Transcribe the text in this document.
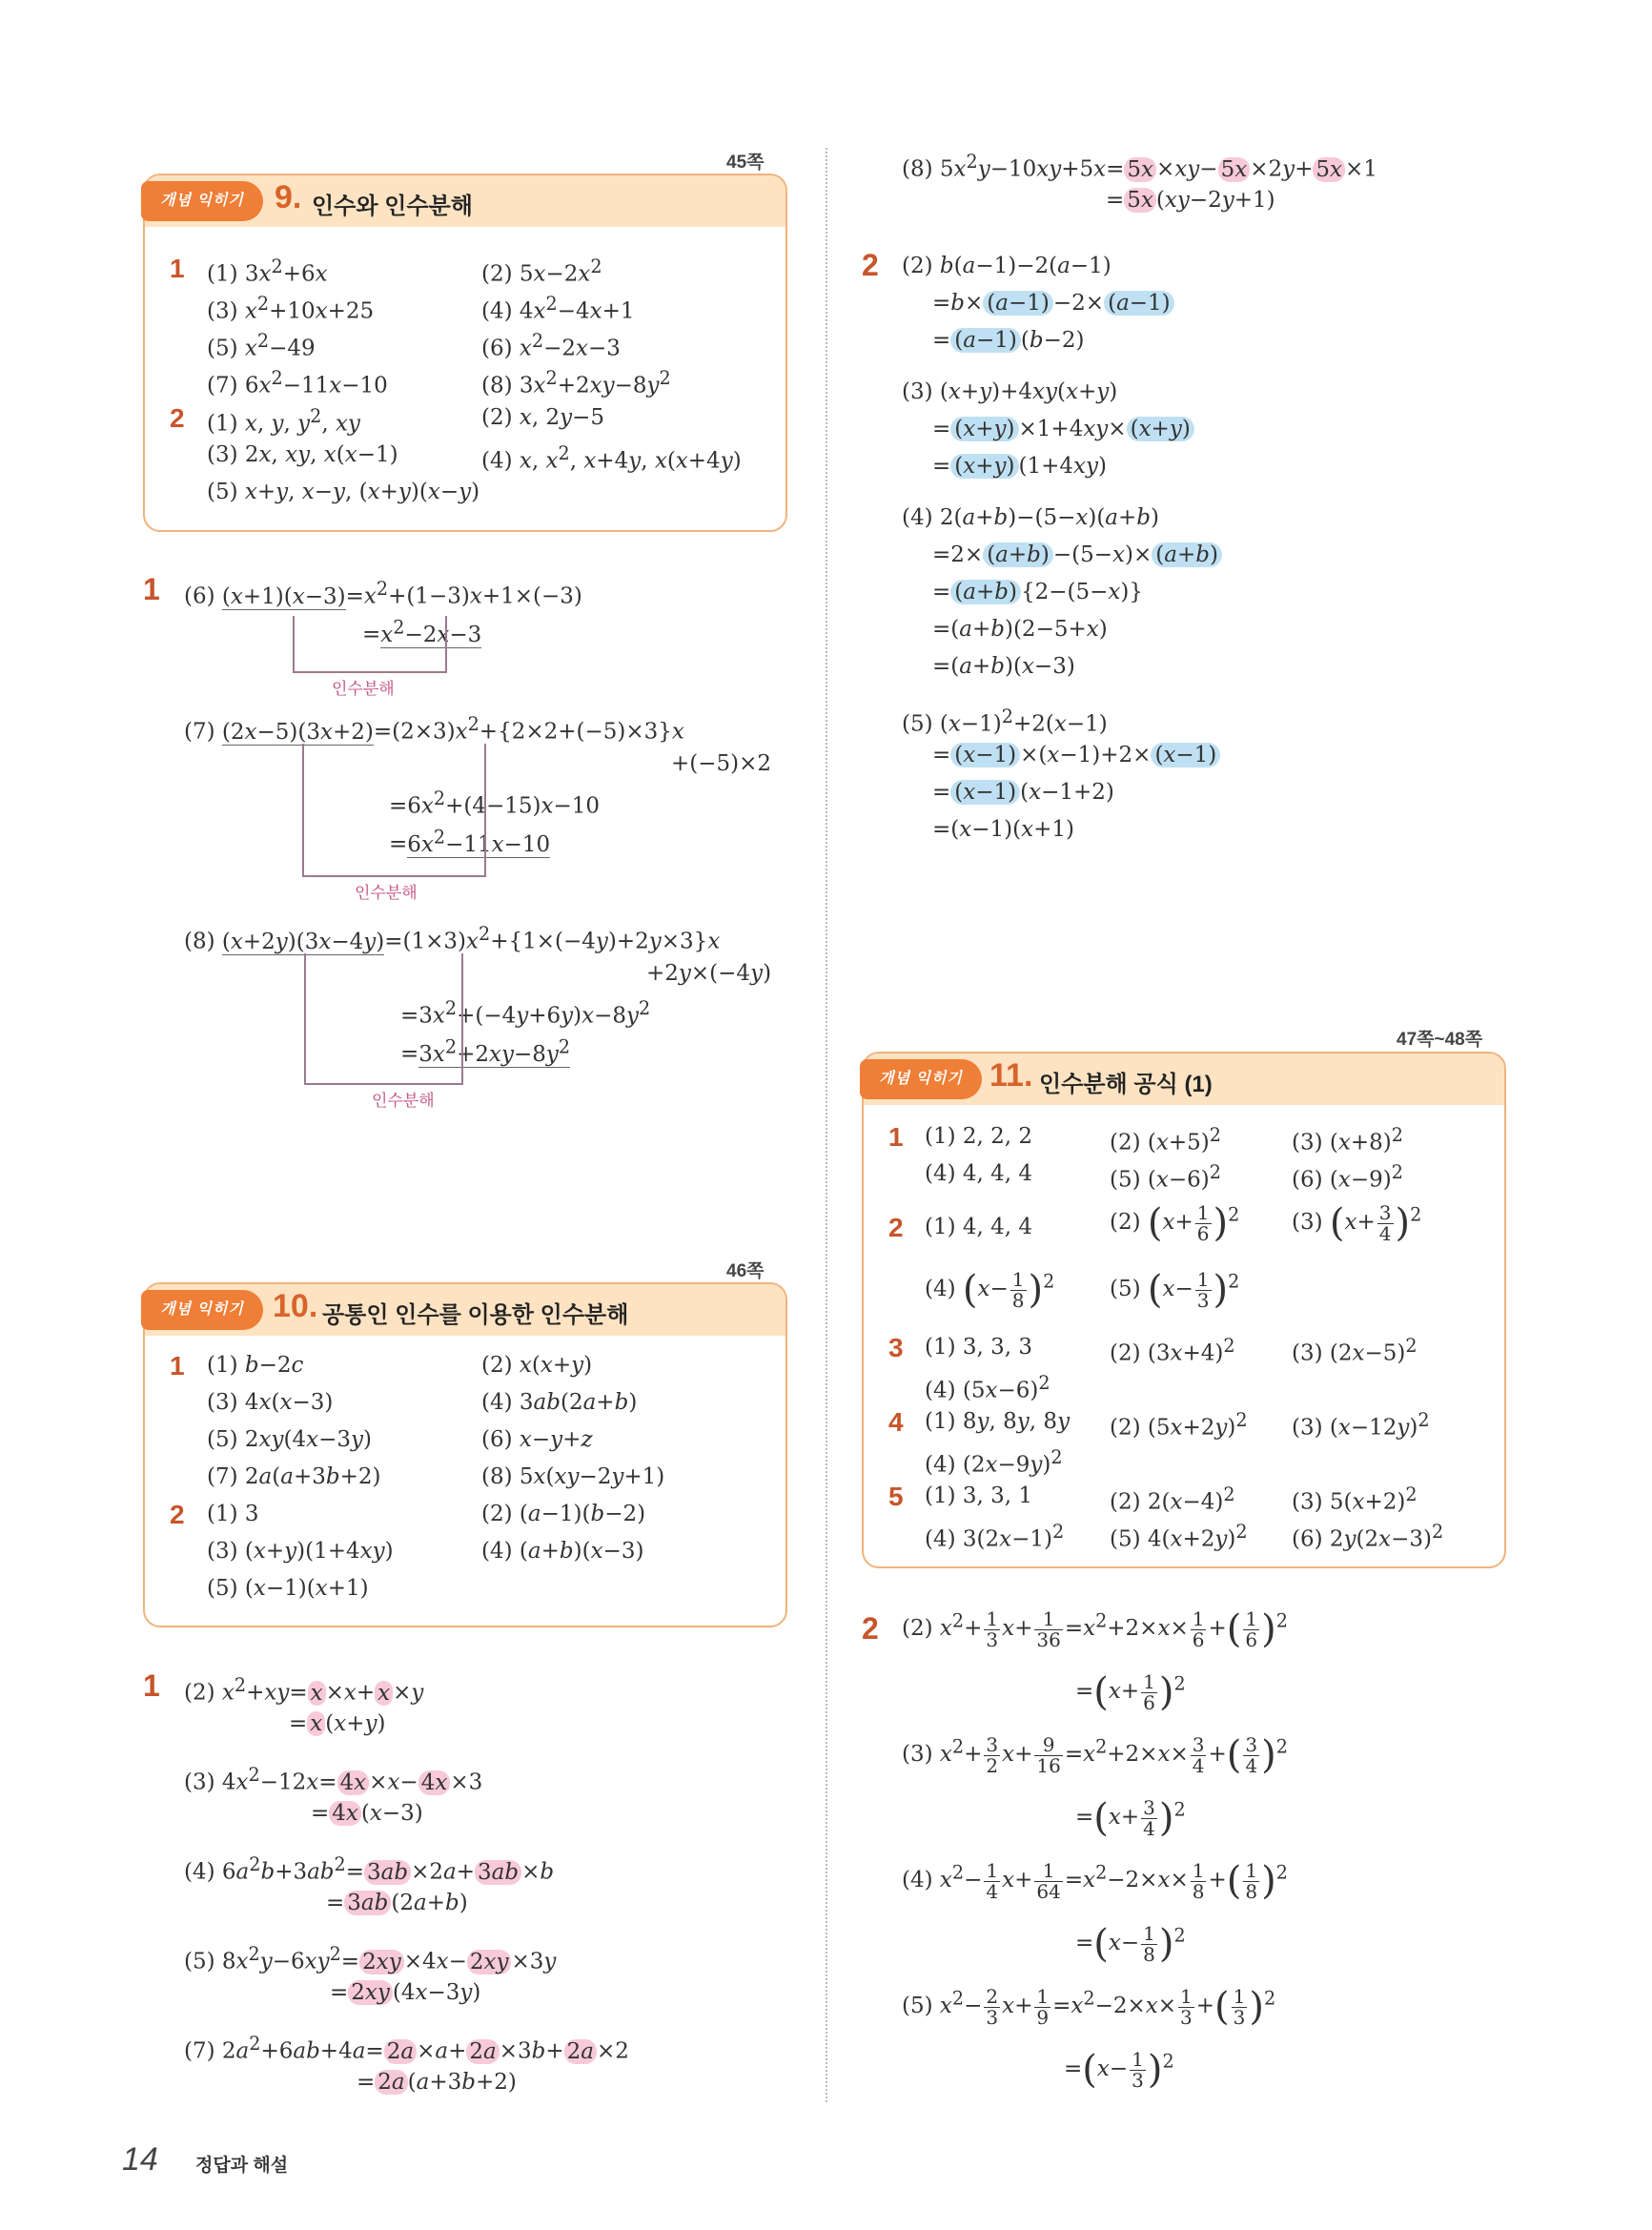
45쪽
개념 익히기 9. 인수와 인수분해
1 (1) $3x^2+6x$	(2) $5x-2x^2$
(3) $x^2+10x+25$	(4) $4x^2-4x+1$
(5) $x^2-49$	(6) $x^2-2x-3$
(7) $6x^2-11x-10$	(8) $3x^2+2xy-8y^2$
2 (1) x, y, $y^2$, xy	(2) x, 2y−5
(3) 2x, xy, x(x−1)	(4) x, $x^2$, x+4y, x(x+4y)
(5) x+y, x−y, (x+y)(x−y)
1 (6) $(x+1)(x-3)=x^2+(1-3)x+1\times(-3)$
$=x^2-2x-3$
인수분해
(7) $(2x-5)(3x+2)=(2\times 3)x^2+\{2\times 2+(-5)\times 3\}x$
+(−5)×2
$=6x^2+(4-15)x-10$
$=6x^2-11x-10$
인수분해
(8) $(x+2y)(3x-4y)=(1\times 3)x^2+\{1\times(-4y)+2y\times 3\}x$
+2y×(−4y)
$=3x^2+(-4y+6y)x-8y^2$
$=3x^2+2xy-8y^2$
인수분해
46쪽
개념 익히기 10. 공통인 인수를 이용한 인수분해
1 (1) b−2c	(2) x(x+y)
(3) 4x(x−3)	(4) 3ab(2a+b)
(5) 2xy(4x−3y)	(6) x−y+z
(7) 2a(a+3b+2)	(8) 5x(xy−2y+1)
2 (1) 3	(2) (a−1)(b−2)
(3) (x+y)(1+4xy)	(4) (a+b)(x−3)
(5) (x−1)(x+1)
1 (2) $x^2+xy= x \times x+ x \times y$
= x (x+y)
(3) $4x^2-12x= 4x \times x- 4x \times 3$
= 4x (x−3)
(4) $6a^2b+3ab^2= 3ab \times 2a+ 3ab \times b$
= 3ab (2a+b)
(5) $8x^2y-6xy^2= 2xy \times 4x- 2xy \times 3y$
= 2xy (4x−3y)
(7) $2a^2+6ab+4a= 2a \times a+ 2a \times 3b+ 2a \times 2$
= 2a (a+3b+2)
(8) $5x^2y-10xy+5x= 5x \times xy- 5x \times 2y+ 5x \times 1$
= 5x (xy−2y+1)
2 (2) b(a−1)−2(a−1)
=b× (a−1) −2× (a−1)
= (a−1) (b−2)
(3) (x+y)+4xy(x+y)
= (x+y) ×1+4xy× (x+y)
= (x+y) (1+4xy)
(4) 2(a+b)−(5−x)(a+b)
=2× (a+b) −(5−x)× (a+b)
= (a+b) {2−(5−x)}
=(a+b)(2−5+x)
=(a+b)(x−3)
(5) $(x-1)^2+2(x-1)$
= (x−1) ×(x−1)+2× (x−1)
= (x−1) (x−1+2)
=(x−1)(x+1)
47쪽~48쪽
개념 익히기 11. 인수분해 공식 (1)
1 (1) 2, 2, 2	(2) $(x+5)^2$	(3) $(x+8)^2$
(4) 4, 4, 4	(5) $(x-6)^2$	(6) $(x-9)^2$
2 (1) 4, 4, 4	(2) $(x+ \frac{1}{6} )^2$ (3) $(x+ \frac{3}{4} )^2$
(4) $(x- \frac{1}{8} )^2$	(5) $(x- \frac{1}{3} )^2$
3 (1) 3, 3, 3	(2) $(3x+4)^2$	(3) $(2x-5)^2$
(4) $(5x-6)^2$
4 (1) 8y, 8y, 8y (2) $(5x+2y)^2$ (3) $(x-12y)^2$
(4) $(2x-9y)^2$
5 (1) 3, 3, 1	(2) $2(x-4)^2$	(3) $5(x+2)^2$
(4) $3(2x-1)^2$ (5) $4(x+2y)^2$ (6) $2y(2x-3)^2$
2 (2) $x^2+ \frac{1}{3} x+ \frac{1}{36} =x^2+2\times x\times \frac{1}{6}$ +( $\frac{1}{6} )^2$
$=(x+ \frac{1}{6} )^2$
(3) $x^2+ \frac{3}{2} x+ \frac{9}{16} =x^2+2\times x\times \frac{3}{4}$ +( $\frac{3}{4} )^2$
$=(x+ \frac{3}{4} )^2$
(4) $x^2- \frac{1}{4} x+ \frac{1}{64} =x^2-2\times x\times \frac{1}{8}$ +( $\frac{1}{8} )^2$
$=(x- \frac{1}{8} )^2$
(5) $x^2- \frac{2}{3} x+ \frac{1}{9} =x^2-2\times x\times \frac{1}{3}$ +( $\frac{1}{3} )^2$
$=(x- \frac{1}{3} )^2$
14 정답과 해설
